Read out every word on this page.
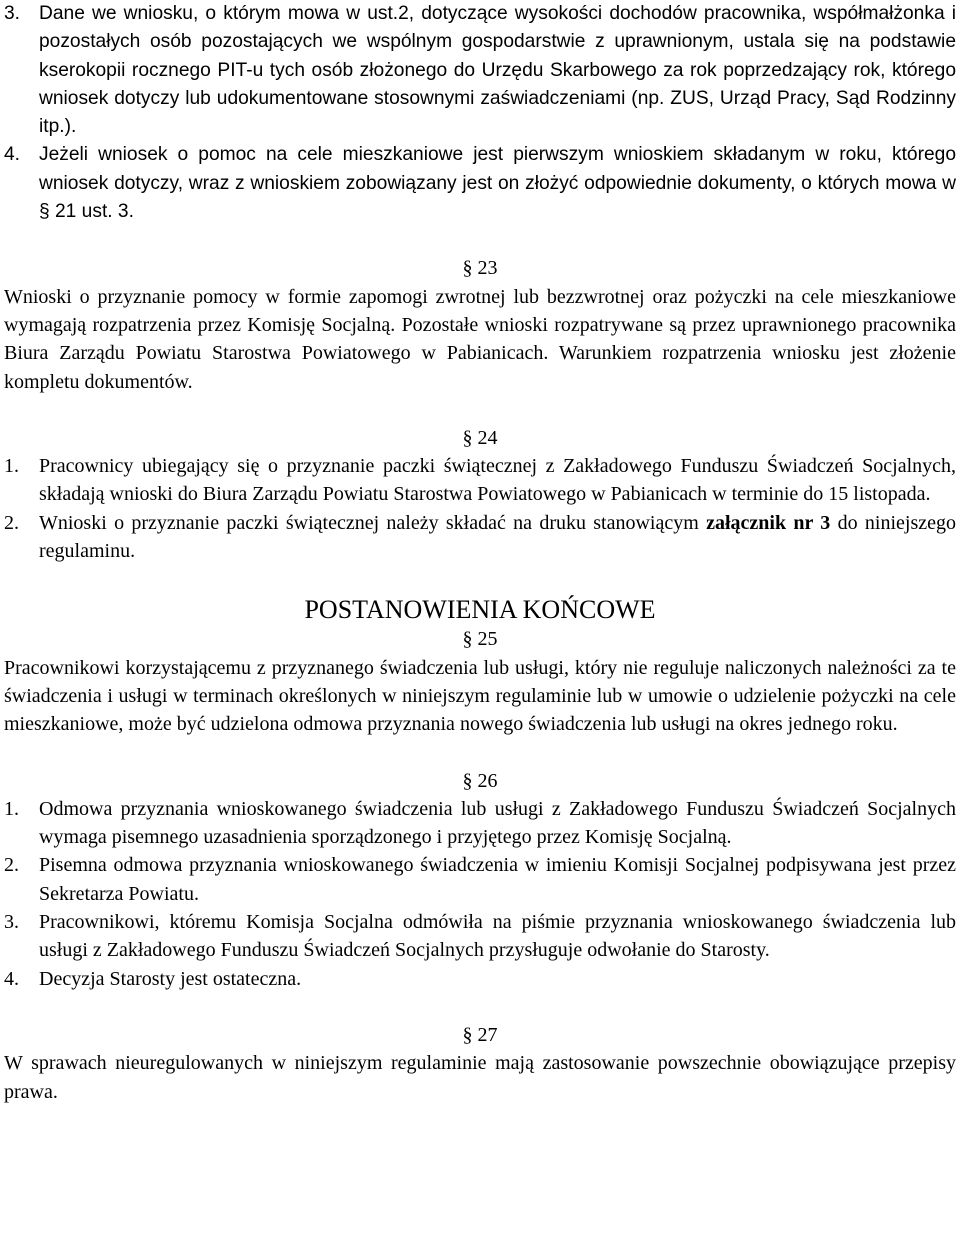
3. Dane we wniosku, o którym mowa w ust.2, dotyczące wysokości dochodów pracownika, współmałżonka i pozostałych osób pozostających we wspólnym gospodarstwie z uprawnionym, ustala się na podstawie kserokopii rocznego PIT-u tych osób złożonego do Urzędu Skarbowego za rok poprzedzający rok, którego wniosek dotyczy lub udokumentowane stosownymi zaświadczeniami (np. ZUS, Urząd Pracy, Sąd Rodzinny itp.).
4. Jeżeli wniosek o pomoc na cele mieszkaniowe jest pierwszym wnioskiem składanym w roku, którego wniosek dotyczy, wraz z wnioskiem zobowiązany jest on złożyć odpowiednie dokumenty, o których mowa w § 21 ust. 3.

§ 23

Wnioski o przyznanie pomocy w formie zapomogi zwrotnej lub bezzwrotnej oraz pożyczki na cele mieszkaniowe wymagają rozpatrzenia przez Komisję Socjalną. Pozostałe wnioski rozpatrywane są przez uprawnionego pracownika Biura Zarządu Powiatu Starostwa Powiatowego w Pabianicach. Warunkiem rozpatrzenia wniosku jest złożenie kompletu dokumentów.

§ 24

1.	Pracownicy ubiegający się o przyznanie paczki świątecznej z Zakładowego Funduszu Świadczeń Socjalnych, składają wnioski do Biura Zarządu Powiatu Starostwa Powiatowego w Pabianicach w terminie do 15 listopada.
2.	Wnioski o przyznanie paczki świątecznej należy składać na druku stanowiącym załącznik nr 3 do niniejszego regulaminu.

POSTANOWIENIA KOŃCOWE

§ 25

Pracownikowi korzystającemu z przyznanego świadczenia lub usługi, który nie reguluje naliczonych należności za te świadczenia i usługi w terminach określonych w niniejszym regulaminie lub w umowie o udzielenie pożyczki na cele mieszkaniowe, może być udzielona odmowa przyznania nowego świadczenia lub usługi na okres jednego roku.

§ 26

1.	Odmowa przyznania wnioskowanego świadczenia lub usługi z Zakładowego Funduszu Świadczeń Socjalnych wymaga pisemnego uzasadnienia sporządzonego i przyjętego przez Komisję Socjalną.
2.	Pisemna odmowa przyznania wnioskowanego świadczenia w imieniu Komisji Socjalnej podpisywana jest przez Sekretarza Powiatu.
3.	Pracownikowi, któremu Komisja Socjalna odmówiła na piśmie przyznania wnioskowanego świadczenia lub usługi z Zakładowego Funduszu Świadczeń Socjalnych przysługuje odwołanie do Starosty.
4.	Decyzja Starosty jest ostateczna.

§ 27

W sprawach nieuregulowanych w niniejszym regulaminie mają zastosowanie powszechnie obowiązujące przepisy prawa.
